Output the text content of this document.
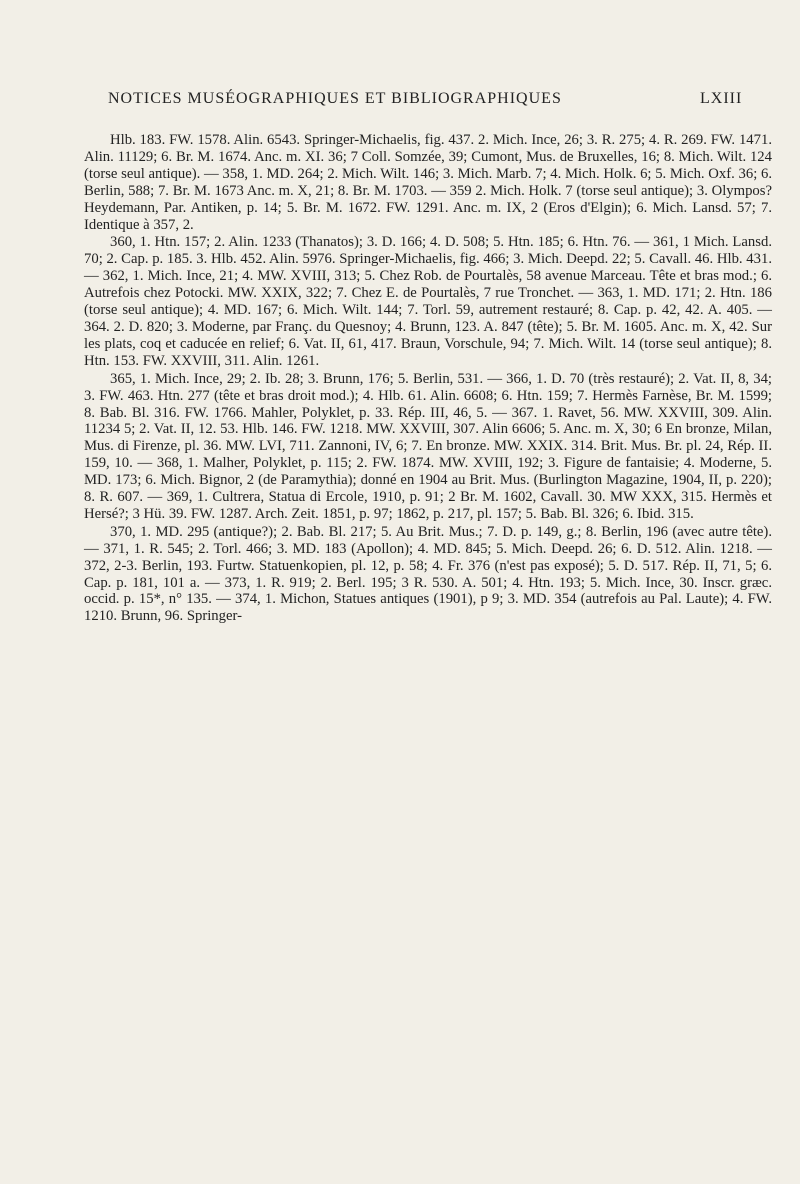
NOTICES MUSÉOGRAPHIQUES ET BIBLIOGRAPHIQUES	LXIII

Hlb. 183. FW. 1578. Alin. 6543. Springer-Michaelis, fig. 437. 2. Mich. Ince, 26; 3. R. 275; 4. R. 269. FW. 1471. Alin. 11129; 6. Br. M. 1674. Anc. m. XI. 36; 7 Coll. Somzée, 39; Cumont, Mus. de Bruxelles, 16; 8. Mich. Wilt. 124 (torse seul antique). — 358, 1. MD. 264; 2. Mich. Wilt. 146; 3. Mich. Marb. 7; 4. Mich. Holk. 6; 5. Mich. Oxf. 36; 6. Berlin, 588; 7. Br. M. 1673 Anc. m. X, 21; 8. Br. M. 1703. — 359 2. Mich. Holk. 7 (torse seul antique); 3. Olympos? Heydemann, Par. Antiken, p. 14; 5. Br. M. 1672. FW. 1291. Anc. m. IX, 2 (Eros d'Elgin); 6. Mich. Lansd. 57; 7. Identique à 357, 2.

360, 1. Htn. 157; 2. Alin. 1233 (Thanatos); 3. D. 166; 4. D. 508; 5. Htn. 185; 6. Htn. 76. — 361, 1 Mich. Lansd. 70; 2. Cap. p. 185. 3. Hlb. 452. Alin. 5976. Springer-Michaelis, fig. 466; 3. Mich. Deepd. 22; 5. Cavall. 46. Hlb. 431. — 362, 1. Mich. Ince, 21; 4. MW. XVIII, 313; 5. Chez Rob. de Pourtalès, 58 avenue Marceau. Tête et bras mod.; 6. Autrefois chez Potocki. MW. XXIX, 322; 7. Chez E. de Pourtalès, 7 rue Tronchet. — 363, 1. MD. 171; 2. Htn. 186 (torse seul antique); 4. MD. 167; 6. Mich. Wilt. 144; 7. Torl. 59, autrement restauré; 8. Cap. p. 42, 42. A. 405. — 364. 2. D. 820; 3. Moderne, par Franç. du Quesnoy; 4. Brunn, 123. A. 847 (tête); 5. Br. M. 1605. Anc. m. X, 42. Sur les plats, coq et caducée en relief; 6. Vat. II, 61, 417. Braun, Vorschule, 94; 7. Mich. Wilt. 14 (torse seul antique); 8. Htn. 153. FW. XXVIII, 311. Alin. 1261.

365, 1. Mich. Ince, 29; 2. Ib. 28; 3. Brunn, 176; 5. Berlin, 531. — 366, 1. D. 70 (très restauré); 2. Vat. II, 8, 34; 3. FW. 463. Htn. 277 (tête et bras droit mod.); 4. Hlb. 61. Alin. 6608; 6. Htn. 159; 7. Hermès Farnèse, Br. M. 1599; 8. Bab. Bl. 316. FW. 1766. Mahler, Polyklet, p. 33. Rép. III, 46, 5. — 367. 1. Ravet, 56. MW. XXVIII, 309. Alin. 11234 5; 2. Vat. II, 12. 53. Hlb. 146. FW. 1218. MW. XXVIII, 307. Alin 6606; 5. Anc. m. X, 30; 6 En bronze, Milan, Mus. di Firenze, pl. 36. MW. LVI, 711. Zannoni, IV, 6; 7. En bronze. MW. XXIX. 314. Brit. Mus. Br. pl. 24, Rép. II. 159, 10. — 368, 1. Malher, Polyklet, p. 115; 2. FW. 1874. MW. XVIII, 192; 3. Figure de fantaisie; 4. Moderne, 5. MD. 173; 6. Mich. Bignor, 2 (de Paramythia); donné en 1904 au Brit. Mus. (Burlington Magazine, 1904, II, p. 220); 8. R. 607. — 369, 1. Cultrera, Statua di Ercole, 1910, p. 91; 2 Br. M. 1602, Cavall. 30. MW XXX, 315. Hermès et Hersé?; 3 Hü. 39. FW. 1287. Arch. Zeit. 1851, p. 97; 1862, p. 217, pl. 157; 5. Bab. Bl. 326; 6. Ibid. 315.

370, 1. MD. 295 (antique?); 2. Bab. Bl. 217; 5. Au Brit. Mus.; 7. D. p. 149, g.; 8. Berlin, 196 (avec autre tête). — 371, 1. R. 545; 2. Torl. 466; 3. MD. 183 (Apollon); 4. MD. 845; 5. Mich. Deepd. 26; 6. D. 512. Alin. 1218. — 372, 2-3. Berlin, 193. Furtw. Statuenkopien, pl. 12, p. 58; 4. Fr. 376 (n'est pas exposé); 5. D. 517. Rép. II, 71, 5; 6. Cap. p. 181, 101 a. — 373, 1. R. 919; 2. Berl. 195; 3 R. 530. A. 501; 4. Htn. 193; 5. Mich. Ince, 30. Inscr. græc. occid. p. 15*, n° 135. — 374, 1. Michon, Statues antiques (1901), p 9; 3. MD. 354 (autrefois au Pal. Laute); 4. FW. 1210. Brunn, 96. Springer-
